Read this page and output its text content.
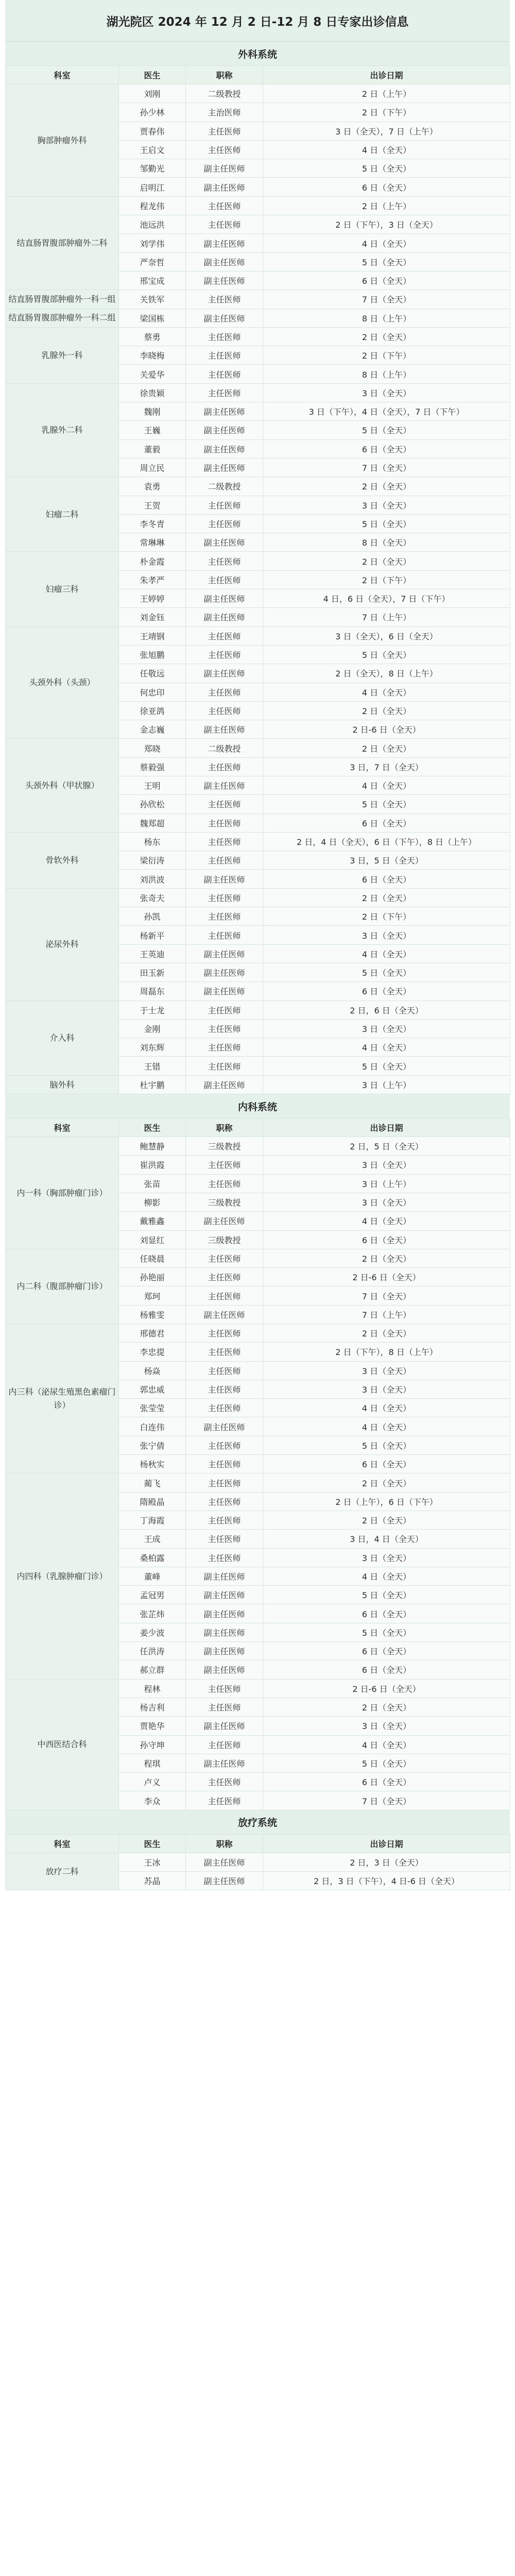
湖光院区 2024 年 12 月 2 日-12 月 8 日专家出诊信息
外科系统
科室	医生	职称	出诊日期
胸部肿瘤外科	刘刚	二级教授	2 日（上午）
	孙少林	主治医师	2 日（下午）
	贾春伟	主任医师	3 日（全天），7 日（上午）
	王启文	主任医师	4 日（全天）
	邹勤光	副主任医师	5 日（全天）
	启明江	副主任医师	6 日（全天）
结直肠胃腹部肿瘤外二科	程龙伟	主任医师	2 日（上午）
	池远洪	主任医师	2 日（下午），3 日（全天）
	刘学伟	副主任医师	4 日（全天）
	严奈哲	副主任医师	5 日（全天）
	邢宝成	副主任医师	6 日（全天）
结直肠胃腹部肿瘤外一科一组	关铁军	主任医师	7 日（全天）
结直肠胃腹部肿瘤外一科二组	梁国栋	副主任医师	8 日（上午）
乳腺外一科	蔡勇	主任医师	2 日（全天）
	李晓梅	主任医师	2 日（下午）
	关爱华	主任医师	8 日（上午）
乳腺外二科	徐贵颖	主任医师	3 日（全天）
	魏刚	副主任医师	3 日（下午），4 日（全天），7 日（下午）
	王巍	副主任医师	5 日（全天）
	董毅	副主任医师	6 日（全天）
	周立民	副主任医师	7 日（全天）
妇瘤二科	袁勇	二级教授	2 日（全天）
	王贺	主任医师	3 日（全天）
	李冬青	主任医师	5 日（全天）
	常琳琳	副主任医师	8 日（全天）
妇瘤三科	朴金霞	主任医师	2 日（全天）
	朱孝严	主任医师	2 日（下午）
	王婷婷	副主任医师	4 日，6 日（全天），7 日（下午）
	刘金钰	副主任医师	7 日（上午）
头颈外科（头颈）	王靖钢	主任医师	3 日（全天），6 日（全天）
	张旭鹏	主任医师	5 日（全天）
	任敬远	副主任医师	2 日（全天），8 日（上午）
	何忠印	主任医师	4 日（全天）
	徐亚鸽	主任医师	2 日（全天）
	金志巍	副主任医师	2 日-6 日（全天）
头颈外科（甲状腺）	郑晓	二级教授	2 日（全天）
	蔡毅强	主任医师	3 日，7 日（全天）
	王明	副主任医师	4 日（全天）
	孙欣松	主任医师	5 日（全天）
	魏郑超	主任医师	6 日（全天）
骨软外科	杨东	主任医师	2 日，4 日（全天），6 日（下午），8 日（上午）
	梁衍涛	主任医师	3 日，5 日（全天）
	刘洪波	副主任医师	6 日（全天）
泌尿外科	张奇夫	主任医师	2 日（全天）
	孙凯	主任医师	2 日（下午）
	杨新平	主任医师	3 日（全天）
	王英迪	副主任医师	4 日（全天）
	田玉新	副主任医师	5 日（全天）
	周磊东	副主任医师	6 日（全天）
介入科	于士龙	主任医师	2 日，6 日（全天）
	金刚	主任医师	3 日（全天）
	刘东辉	主任医师	4 日（全天）
	王错	主任医师	5 日（全天）
脑外科	杜宇鹏	副主任医师	3 日（上午）
内科系统
科室	医生	职称	出诊日期
内一科（胸部肿瘤门诊）	鲍慧静	三级教授	2 日，5 日（全天）
	崔洪霞	主任医师	3 日（全天）
	张苗	主任医师	3 日（上午）
	柳影	三级教授	3 日（全天）
	戴雅鑫	副主任医师	4 日（全天）
	刘显红	三级教授	6 日（全天）
内二科（腹部肿瘤门诊）	任晓晨	主任医师	2 日（全天）
	孙艳丽	主任医师	2 日-6 日（全天）
	郑珂	主任医师	7 日（全天）
	杨雅雯	副主任医师	7 日（上午）
内三科（泌尿生殖黑色素瘤门诊）	邢德君	主任医师	2 日（全天）
	李忠提	主任医师	2 日（下午），8 日（上午）
	杨焱	主任医师	3 日（全天）
	郭忠威	主任医师	3 日（全天）
	张莹莹	主任医师	4 日（全天）
	白连伟	副主任医师	4 日（全天）
	张宁倩	主任医师	5 日（全天）
	杨秋实	主任医师	6 日（全天）
内四科（乳腺肿瘤门诊）	蔺飞	主任医师	2 日（全天）
	隋殿晶	主任医师	2 日（上午），6 日（下午）
	丁海霞	主任医师	2 日（全天）
	王成	主任医师	3 日，4 日（全天）
	桑柏露	主任医师	3 日（全天）
	董峰	副主任医师	4 日（全天）
	孟冠男	副主任医师	5 日（全天）
	张芷炜	副主任医师	6 日（全天）
	姜少波	副主任医师	5 日（全天）
	任洪涛	副主任医师	6 日（全天）
	郝立群	副主任医师	6 日（全天）
中西医结合科	程林	主任医师	2 日-6 日（全天）
	杨吉利	主任医师	2 日（全天）
	贾艳华	副主任医师	3 日（全天）
	孙守坤	主任医师	4 日（全天）
	程琪	副主任医师	5 日（全天）
	卢义	主任医师	6 日（全天）
	李众	主任医师	7 日（全天）
放疗系统
科室	医生	职称	出诊日期
放疗二科	王冰	副主任医师	2 日，3 日（全天）
	苏晶	副主任医师	2 日，3 日（下午），4 日-6 日（全天）
